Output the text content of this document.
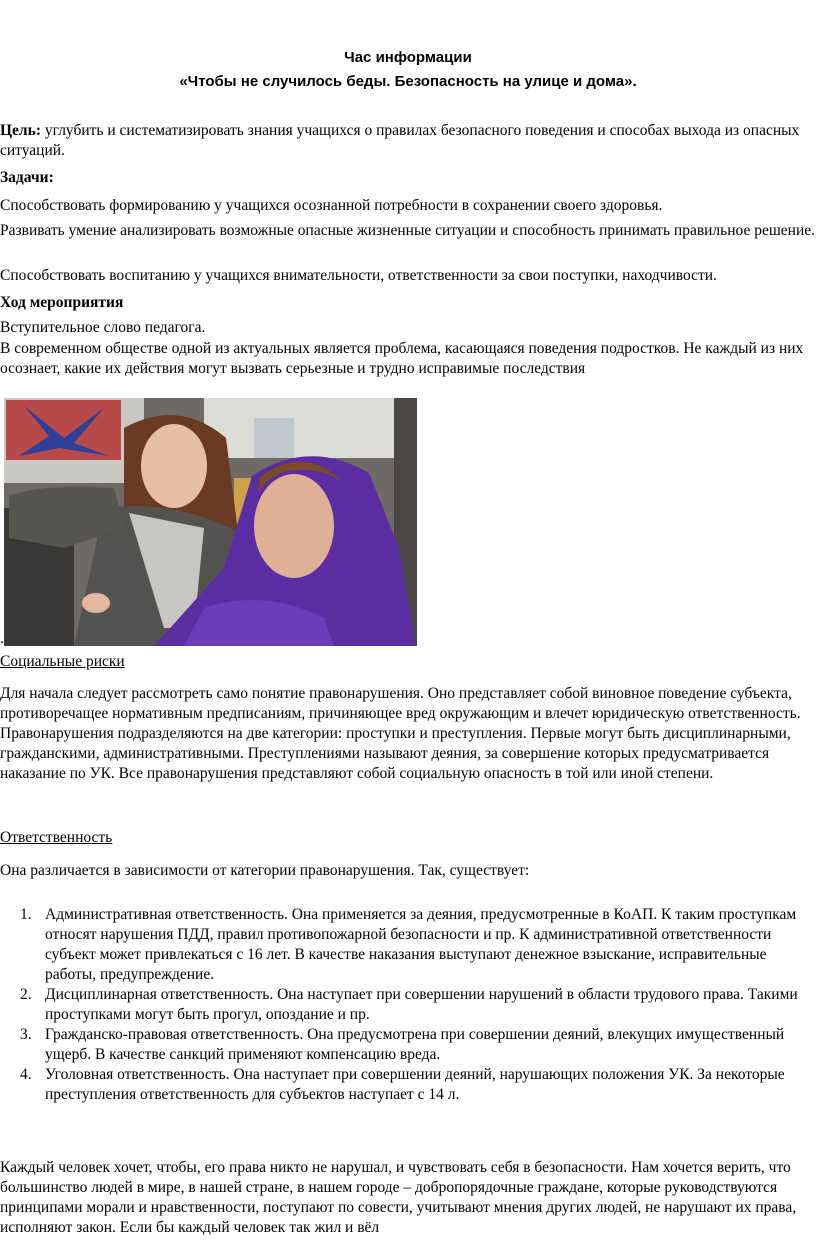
Час информации
«Чтобы не случилось беды. Безопасность на улице и дома».
Цель: углубить и систематизировать знания учащихся о правилах безопасного поведения и способах выхода из опасных ситуаций.
Задачи:
Способствовать формированию у учащихся осознанной потребности в сохранении своего здоровья.
Развивать умение анализировать возможные опасные жизненные ситуации и способность принимать правильное решение.
Способствовать воспитанию у учащихся внимательности, ответственности за свои поступки, находчивости.
Ход мероприятия
Вступительное слово педагога.
В современном обществе одной из актуальных является проблема, касающаяся поведения подростков. Не каждый из них осознает, какие их действия могут вызвать серьезные и трудно исправимые последствия
.
Социальные риски
Для начала следует рассмотреть само понятие правонарушения. Оно представляет собой виновное поведение субъекта, противоречащее нормативным предписаниям, причиняющее вред окружающим и влечет юридическую ответственность. Правонарушения подразделяются на две категории: проступки и преступления. Первые могут быть дисциплинарными, гражданскими, административными. Преступлениями называют деяния, за совершение которых предусматривается наказание по УК. Все правонарушения представляют собой социальную опасность в той или иной степени.
Ответственность
Она различается в зависимости от категории правонарушения. Так, существует:
1. Административная ответственность. Она применяется за деяния, предусмотренные в КоАП. К таким проступкам относят нарушения ПДД, правил противопожарной безопасности и пр. К административной ответственности субъект может привлекаться с 16 лет. В качестве наказания выступают денежное взыскание, исправительные работы, предупреждение.
2. Дисциплинарная ответственность. Она наступает при совершении нарушений в области трудового права. Такими проступками могут быть прогул, опоздание и пр.
3. Гражданско-правовая ответственность. Она предусмотрена при совершении деяний, влекущих имущественный ущерб. В качестве санкций применяют компенсацию вреда.
4. Уголовная ответственность. Она наступает при совершении деяний, нарушающих положения УК. За некоторые преступления ответственность для субъектов наступает с 14 л.
Каждый человек хочет, чтобы, его права никто не нарушал, и чувствовать себя в безопасности. Нам хочется верить, что большинство людей в мире, в нашей стране, в нашем городе – добропорядочные граждане, которые руководствуются принципами морали и нравственности, поступают по совести, учитывают мнения других людей, не нарушают их права, исполняют закон. Если бы каждый человек так жил и вёл
